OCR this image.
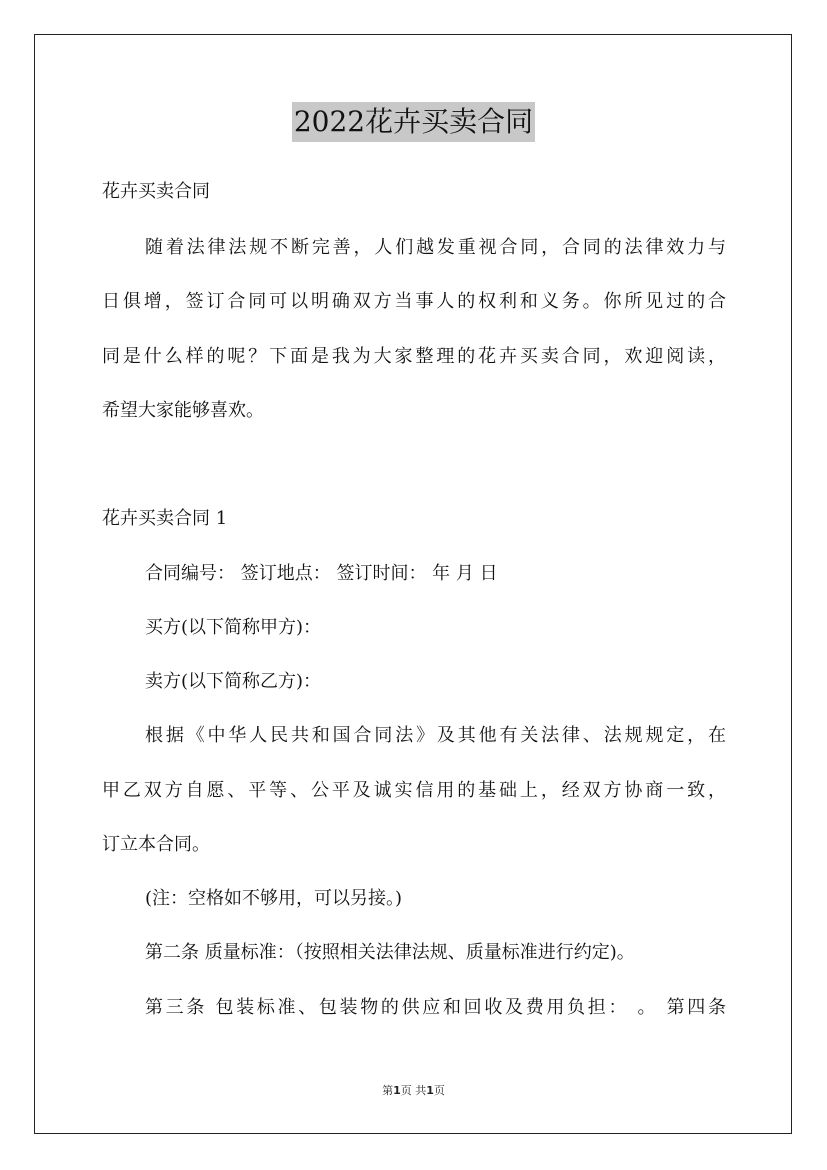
2022花卉买卖合同

花卉买卖合同

随着法律法规不断完善，人们越发重视合同，合同的法律效力与

日俱增，签订合同可以明确双方当事人的权利和义务。你所见过的合

同是什么样的呢？下面是我为大家整理的花卉买卖合同，欢迎阅读，

希望大家能够喜欢。

花卉买卖合同 1

合同编号： 签订地点： 签订时间： 年 月 日

买方(以下简称甲方)：

卖方(以下简称乙方)：

根据《中华人民共和国合同法》及其他有关法律、法规规定，在

甲乙双方自愿、平等、公平及诚实信用的基础上，经双方协商一致，

订立本合同。

(注：空格如不够用，可以另接。)

第二条 质量标准：（按照相关法律法规、质量标准进行约定)。

第三条 包装标准、包装物的供应和回收及费用负担： 。 第四条

第1页 共1页
